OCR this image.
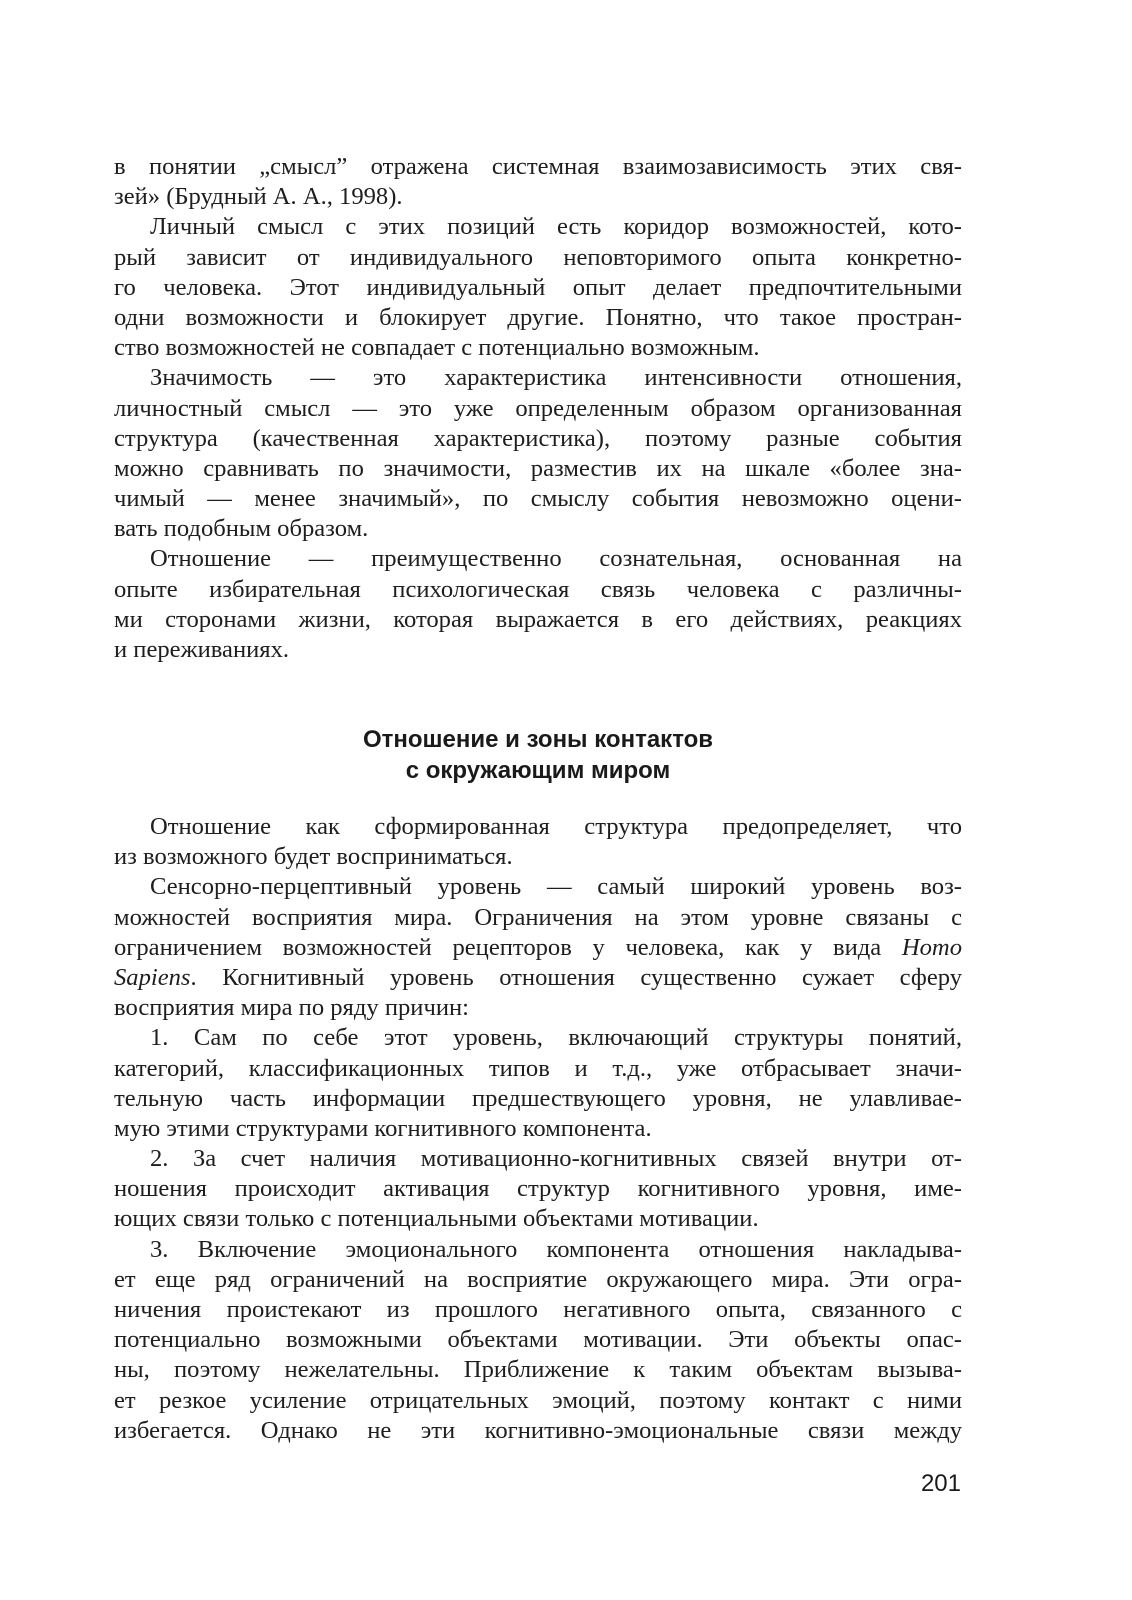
в понятии „смысл” отражена системная взаимозависимость этих свя-
зей» (Брудный А. А., 1998).
Личный смысл с этих позиций есть коридор возможностей, кото-
рый зависит от индивидуального неповторимого опыта конкретно-
го человека. Этот индивидуальный опыт делает предпочтительными
одни возможности и блокирует другие. Понятно, что такое простран-
ство возможностей не совпадает с потенциально возможным.
Значимость — это характеристика интенсивности отношения,
личностный смысл — это уже определенным образом организованная
структура (качественная характеристика), поэтому разные события
можно сравнивать по значимости, разместив их на шкале «более зна-
чимый — менее значимый», по смыслу события невозможно оцени-
вать подобным образом.
Отношение — преимущественно сознательная, основанная на
опыте избирательная психологическая связь человека с различны-
ми сторонами жизни, которая выражается в его действиях, реакциях
и переживаниях.
Отношение и зоны контактов
с окружающим миром
Отношение как сформированная структура предопределяет, что
из возможного будет восприниматься.
Сенсорно-перцептивный уровень — самый широкий уровень воз-
можностей восприятия мира. Ограничения на этом уровне связаны с
ограничением возможностей рецепторов у человека, как у вида Homo
Sapiens. Когнитивный уровень отношения существенно сужает сферу
восприятия мира по ряду причин:
1. Сам по себе этот уровень, включающий структуры понятий,
категорий, классификационных типов и т.д., уже отбрасывает значи-
тельную часть информации предшествующего уровня, не улавливае-
мую этими структурами когнитивного компонента.
2. За счет наличия мотивационно-когнитивных связей внутри от-
ношения происходит активация структур когнитивного уровня, име-
ющих связи только с потенциальными объектами мотивации.
3. Включение эмоционального компонента отношения накладыва-
ет еще ряд ограничений на восприятие окружающего мира. Эти огра-
ничения проистекают из прошлого негативного опыта, связанного с
потенциально возможными объектами мотивации. Эти объекты опас-
ны, поэтому нежелательны. Приближение к таким объектам вызыва-
ет резкое усиление отрицательных эмоций, поэтому контакт с ними
избегается. Однако не эти когнитивно-эмоциональные связи между
201
